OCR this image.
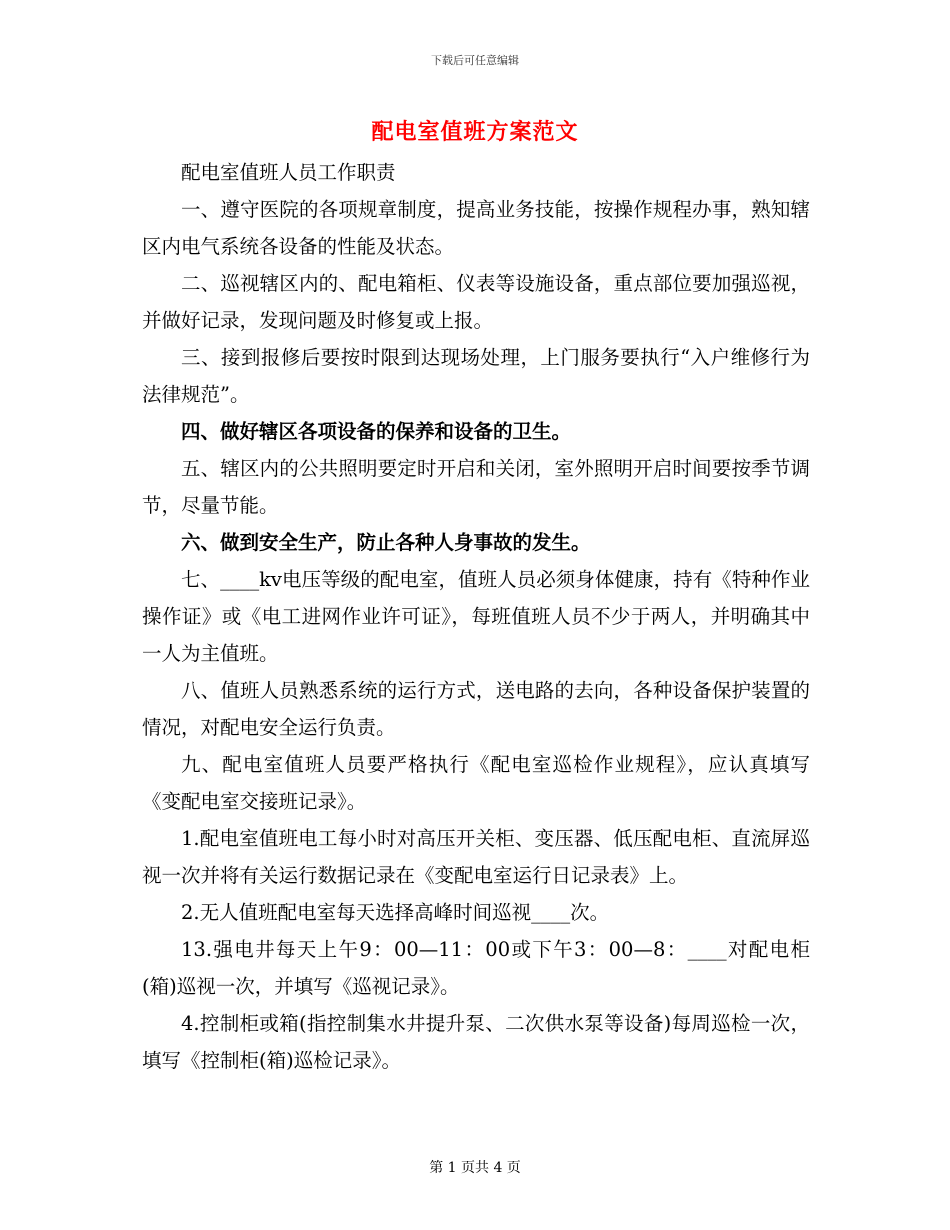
下载后可任意编辑
配电室值班方案范文

配电室值班人员工作职责

一、遵守医院的各项规章制度，提高业务技能，按操作规程办事，熟知辖区内电气系统各设备的性能及状态。

二、巡视辖区内的、配电箱柜、仪表等设施设备，重点部位要加强巡视，并做好记录，发现问题及时修复或上报。

三、接到报修后要按时限到达现场处理，上门服务要执行“入户维修行为法律规范”。

四、做好辖区各项设备的保养和设备的卫生。

五、辖区内的公共照明要定时开启和关闭，室外照明开启时间要按季节调节，尽量节能。

六、做到安全生产，防止各种人身事故的发生。

七、____kv电压等级的配电室，值班人员必须身体健康，持有《特种作业操作证》或《电工进网作业许可证》，每班值班人员不少于两人，并明确其中一人为主值班。

八、值班人员熟悉系统的运行方式，送电路的去向，各种设备保护装置的情况，对配电安全运行负责。

九、配电室值班人员要严格执行《配电室巡检作业规程》，应认真填写《变配电室交接班记录》。

1.配电室值班电工每小时对高压开关柜、变压器、低压配电柜、直流屏巡视一次并将有关运行数据记录在《变配电室运行日记录表》上。

2.无人值班配电室每天选择高峰时间巡视____次。

13.强电井每天上午9：00—11：00或下午3：00—8：____对配电柜(箱)巡视一次，并填写《巡视记录》。

4.控制柜或箱(指控制集水井提升泵、二次供水泵等设备)每周巡检一次，填写《控制柜(箱)巡检记录》。

第 1 页共 4 页
